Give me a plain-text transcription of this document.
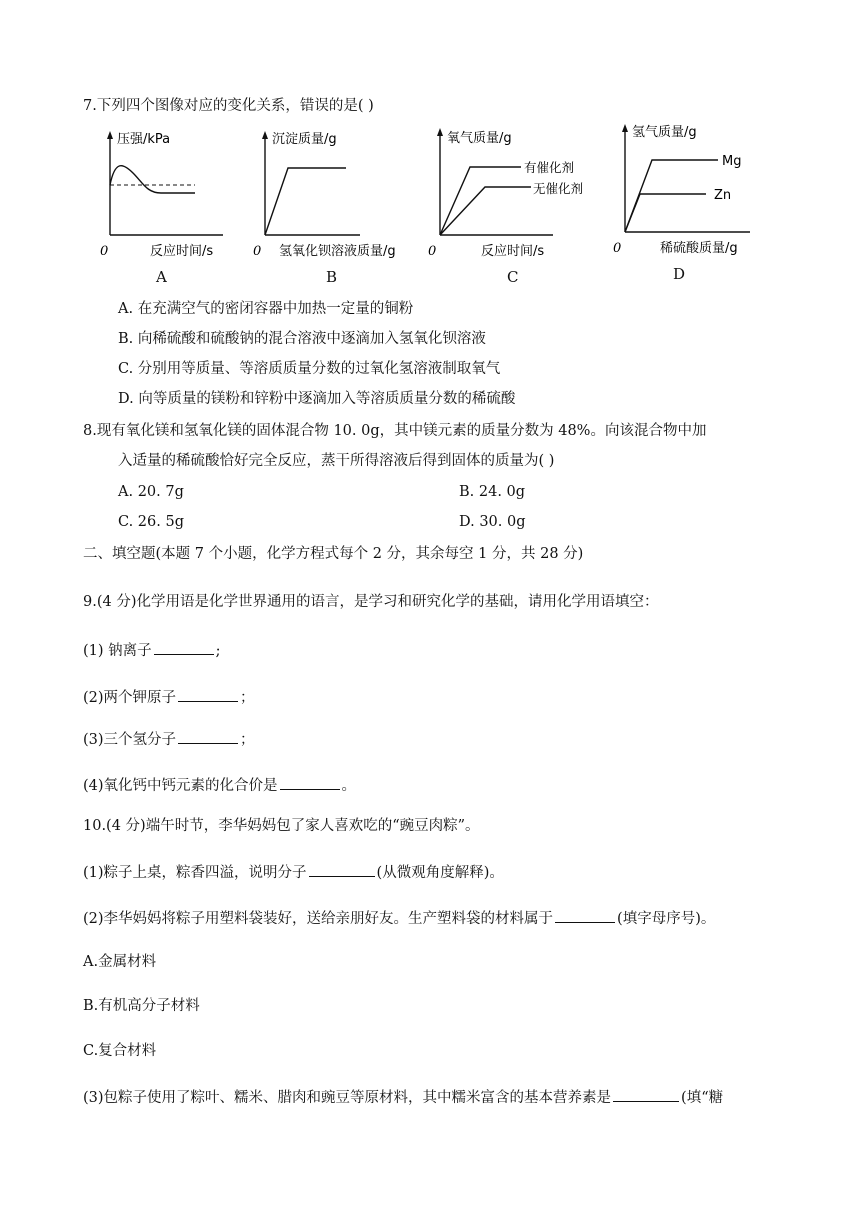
7.下列四个图像对应的变化关系，错误的是( )
压强/kPa
0	反应时间/s
A
沉淀质量/g
0 氢氧化钡溶液质量/g
B
氧气质量/g
有催化剂
无催化剂
0	反应时间/s
C
氢气质量/g
Mg
Zn
0	稀硫酸质量/g
D
A. 在充满空气的密闭容器中加热一定量的铜粉
B. 向稀硫酸和硫酸钠的混合溶液中逐滴加入氢氧化钡溶液
C. 分别用等质量、等溶质质量分数的过氧化氢溶液制取氧气
D. 向等质量的镁粉和锌粉中逐滴加入等溶质质量分数的稀硫酸
8.现有氧化镁和氢氧化镁的固体混合物 10. 0g，其中镁元素的质量分数为 48%。向该混合物中加
入适量的稀硫酸恰好完全反应，蒸干所得溶液后得到固体的质量为( )
A. 20. 7g	B. 24. 0g
C. 26. 5g	D. 30. 0g
二、填空题(本题 7 个小题，化学方程式每个 2 分，其余每空 1 分，共 28 分)
9.(4 分)化学用语是化学世界通用的语言，是学习和研究化学的基础，请用化学用语填空：
(1) 钠离子	;
(2)两个钾原子	；
(3)三个氢分子	；
(4)氧化钙中钙元素的化合价是	。
10.(4 分)端午时节，李华妈妈包了家人喜欢吃的“豌豆肉粽”。
(1)粽子上桌，粽香四溢，说明分子	(从微观角度解释)。
(2)李华妈妈将粽子用塑料袋装好，送给亲朋好友。生产塑料袋的材料属于	(填字母序号)。
A.金属材料
B.有机高分子材料
C.复合材料
(3)包粽子使用了粽叶、糯米、腊肉和豌豆等原材料，其中糯米富含的基本营养素是	(填“糖
